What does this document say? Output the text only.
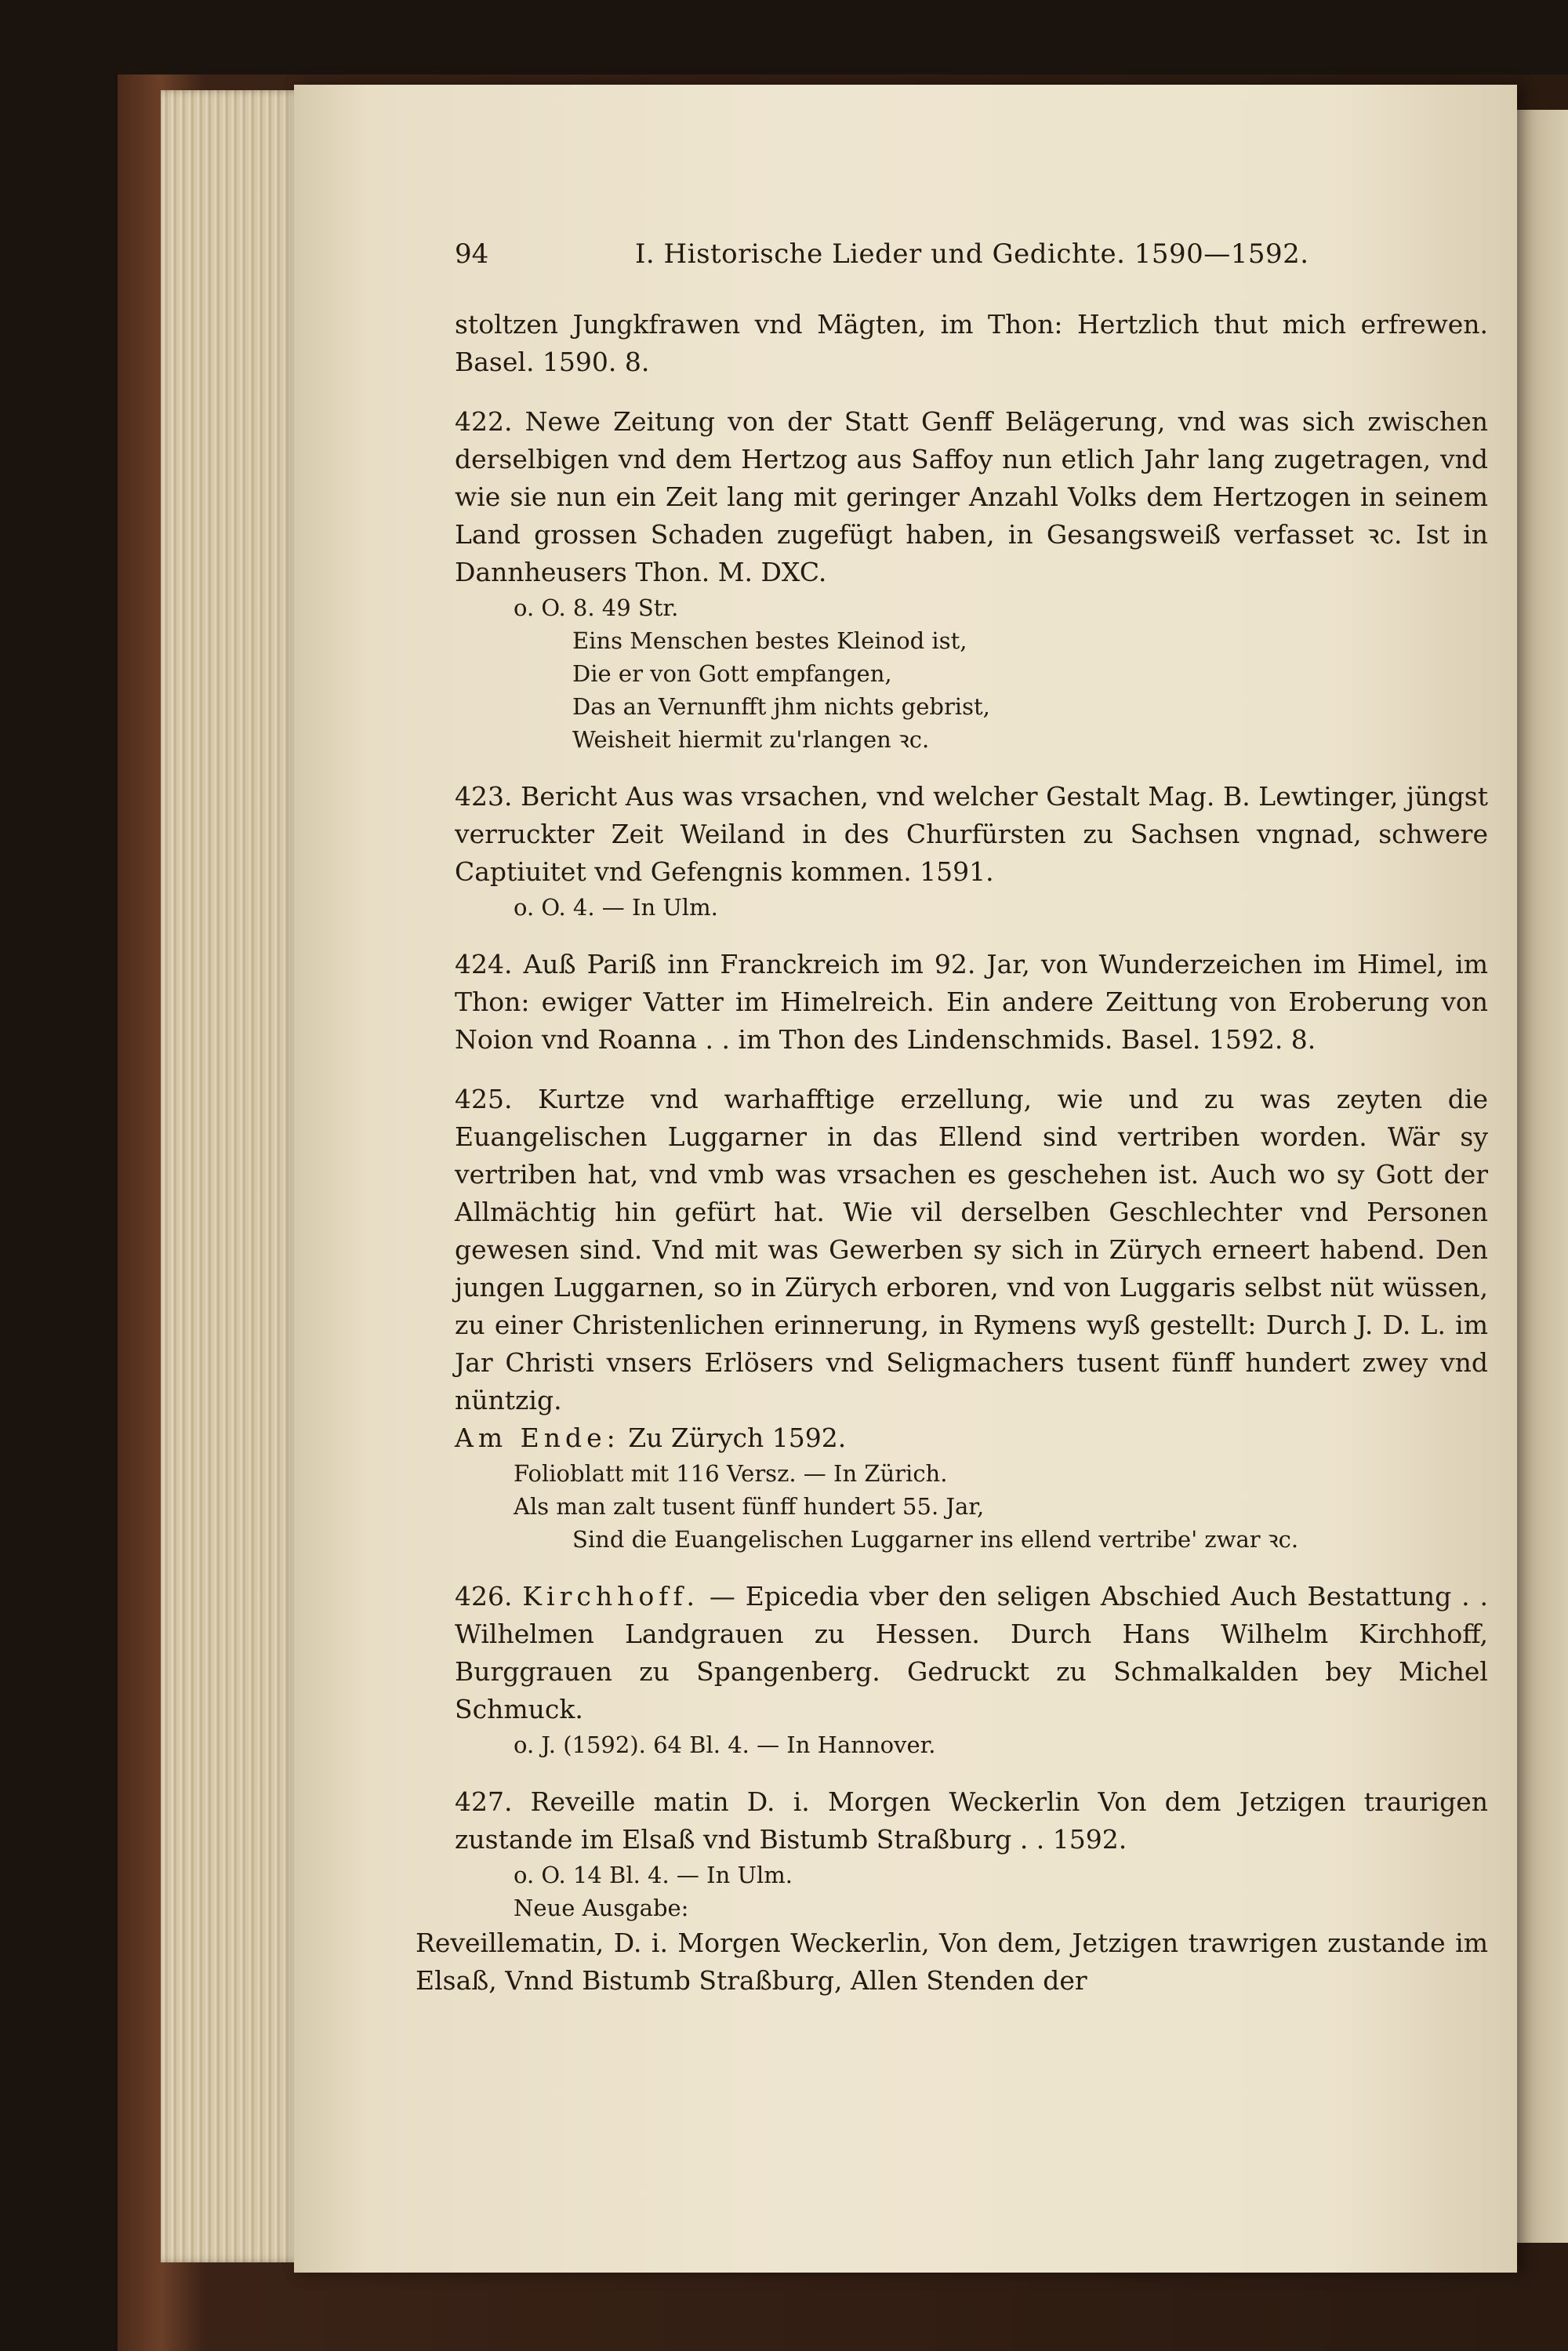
94	I. Historische Lieder und Gedichte. 1590—1592.

stoltzen Jungkfrawen vnd Mägten, im Thon: Hertzlich thut mich erfrewen. Basel. 1590. 8.

422. Newe Zeitung von der Statt Genff Belägerung, vnd was sich zwischen derselbigen vnd dem Hertzog aus Saffoy nun etlich Jahr lang zugetragen, vnd wie sie nun ein Zeit lang mit geringer Anzahl Volks dem Hertzogen in seinem Land grossen Schaden zugefügt haben, in Gesangsweiß verfasset ꝛc. Ist in Dannheusers Thon. M. DXC.

o. O. 8. 49 Str.
Eins Menschen bestes Kleinod ist,
Die er von Gott empfangen,
Das an Vernunfft jhm nichts gebrist,
Weisheit hiermit zu'rlangen ꝛc.

423. Bericht Aus was vrsachen, vnd welcher Gestalt Mag. B. Lewtinger, jüngst verruckter Zeit Weiland in des Churfürsten zu Sachsen vngnad, schwere Captiuitet vnd Gefengnis kommen. 1591.

o. O. 4. — In Ulm.

424. Auß Pariß inn Franckreich im 92. Jar, von Wunderzeichen im Himel, im Thon: ewiger Vatter im Himelreich. Ein andere Zeittung von Eroberung von Noion vnd Roanna . . im Thon des Lindenschmids. Basel. 1592. 8.

425. Kurtze vnd warhafftige erzellung, wie und zu was zeyten die Euangelischen Luggarner in das Ellend sind vertriben worden. Wär sy vertriben hat, vnd vmb was vrsachen es geschehen ist. Auch wo sy Gott der Allmächtig hin gefürt hat. Wie vil derselben Geschlechter vnd Personen gewesen sind. Vnd mit was Gewerben sy sich in Zürych erneert habend. Den jungen Luggarnen, so in Zürych erboren, vnd von Luggaris selbst nüt wüssen, zu einer Christenlichen erinnerung, in Rymens wyß gestellt: Durch J. D. L. im Jar Christi vnsers Erlösers vnd Seligmachers tusent fünff hundert zwey vnd nüntzig.

Am Ende: Zu Zürych 1592.

Folioblatt mit 116 Versz. — In Zürich.
Als man zalt tusent fünff hundert 55. Jar,
Sind die Euangelischen Luggarner ins ellend vertribe' zwar ꝛc.

426. Kirchhoff. — Epicedia vber den seligen Abschied Auch Bestattung . . Wilhelmen Landgrauen zu Hessen. Durch Hans Wilhelm Kirchhoff, Burggrauen zu Spangenberg. Gedruckt zu Schmalkalden bey Michel Schmuck.

o. J. (1592). 64 Bl. 4. — In Hannover.

427. Reveille matin D. i. Morgen Weckerlin Von dem Jetzigen traurigen zustande im Elsaß vnd Bistumb Straßburg . . 1592.

o. O. 14 Bl. 4. — In Ulm.
Neue Ausgabe:

Reveillematin, D. i. Morgen Weckerlin, Von dem, Jetzigen trawrigen zustande im Elsaß, Vnnd Bistumb Straßburg, Allen Stenden der
